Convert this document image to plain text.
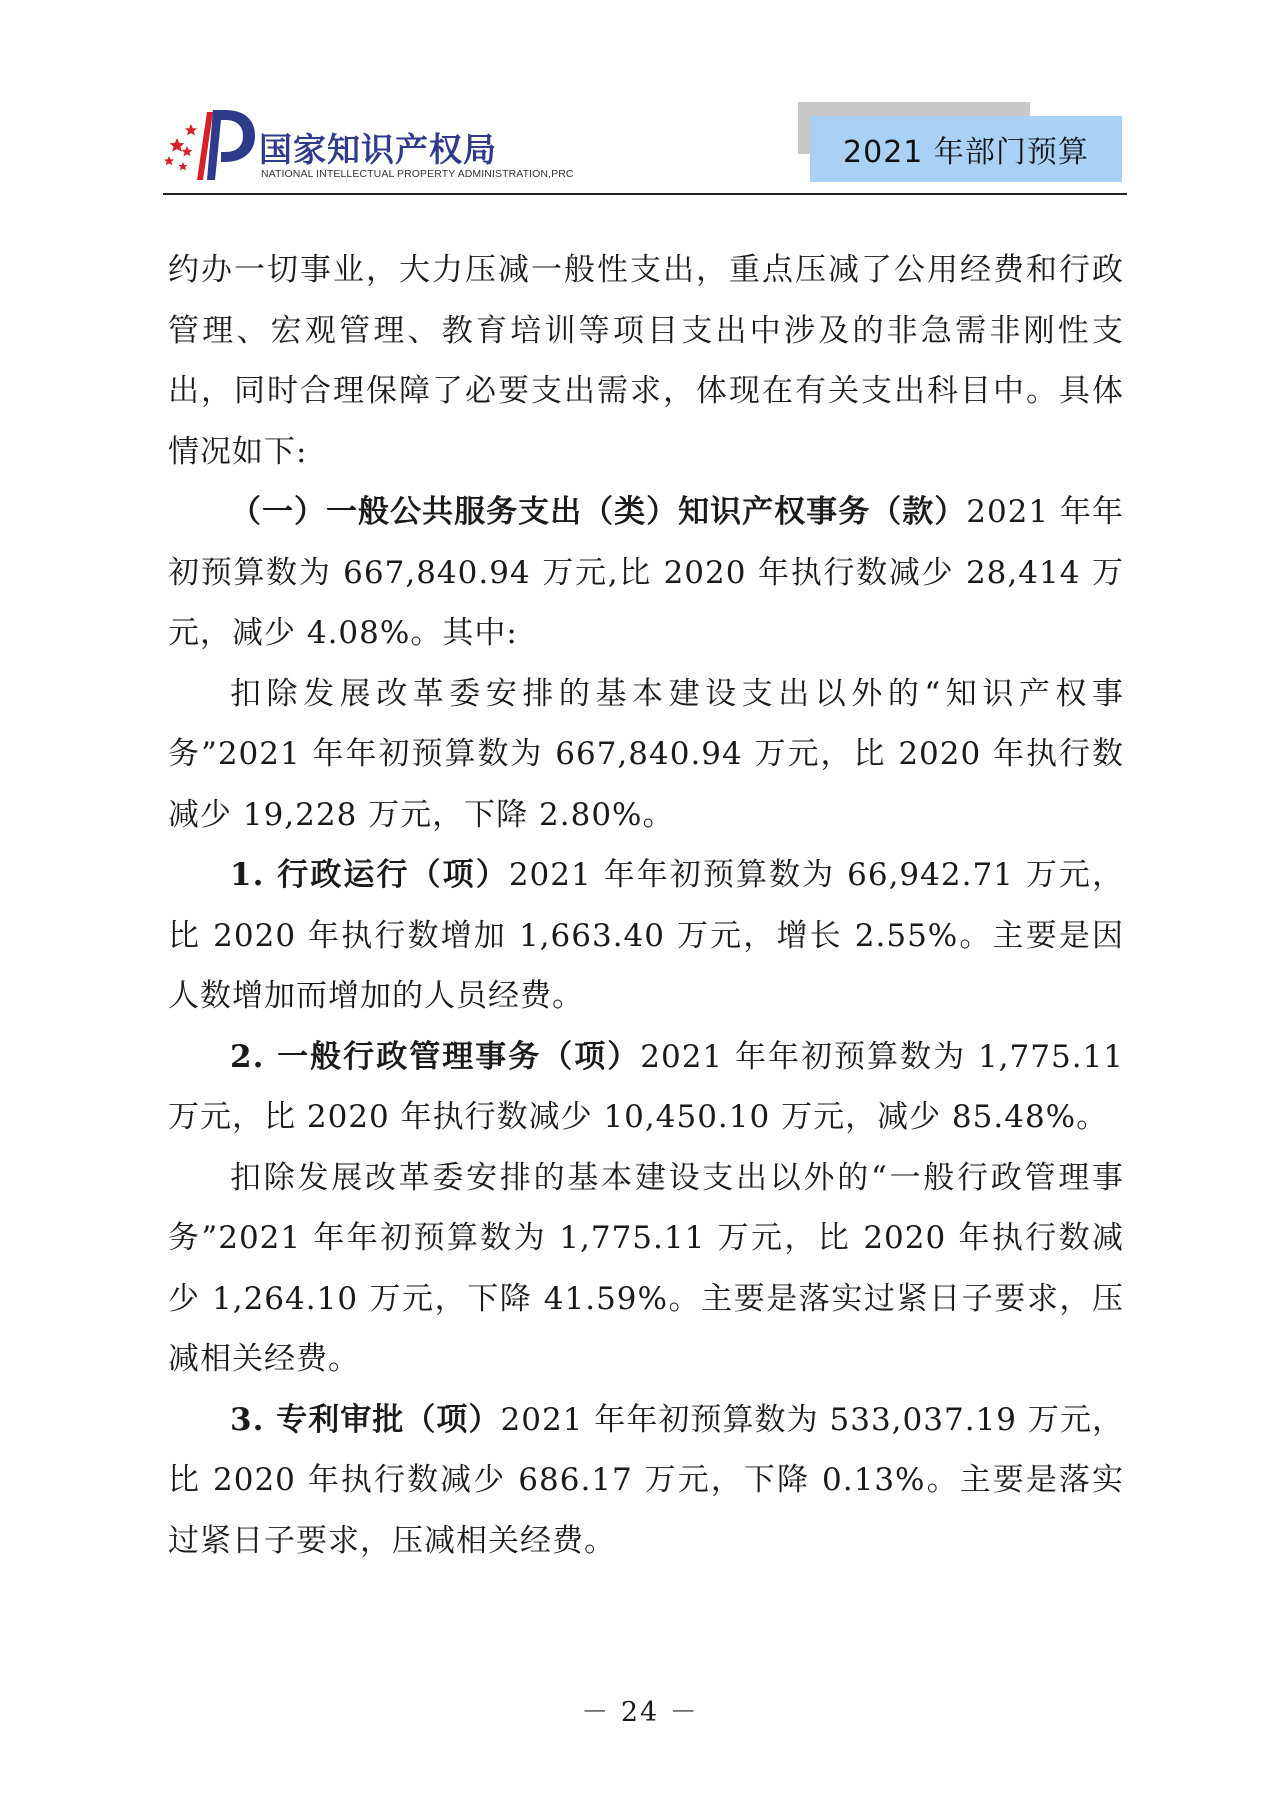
国家知识产权局
NATIONAL INTELLECTUAL PROPERTY ADMINISTRATION,PRC
2021 年部门预算

约办一切事业，大力压减一般性支出，重点压减了公用经费和行政管理、宏观管理、教育培训等项目支出中涉及的非急需非刚性支出，同时合理保障了必要支出需求，体现在有关支出科目中。具体情况如下:

（一）一般公共服务支出（类）知识产权事务（款）2021 年年初预算数为 667,840.94 万元,比 2020 年执行数减少 28,414 万元，减少 4.08%。其中:

扣除发展改革委安排的基本建设支出以外的“知识产权事务”2021 年年初预算数为 667,840.94 万元，比 2020 年执行数减少 19,228 万元，下降 2.80%。

1. 行政运行（项）2021 年年初预算数为 66,942.71 万元，比 2020 年执行数增加 1,663.40 万元，增长 2.55%。主要是因人数增加而增加的人员经费。

2. 一般行政管理事务（项）2021 年年初预算数为 1,775.11 万元，比 2020 年执行数减少 10,450.10 万元，减少 85.48%。

扣除发展改革委安排的基本建设支出以外的“一般行政管理事务”2021 年年初预算数为 1,775.11 万元，比 2020 年执行数减少 1,264.10 万元，下降 41.59%。主要是落实过紧日子要求，压减相关经费。

3. 专利审批（项）2021 年年初预算数为 533,037.19 万元，比 2020 年执行数减少 686.17 万元，下降 0.13%。主要是落实过紧日子要求，压减相关经费。

－ 24 －
